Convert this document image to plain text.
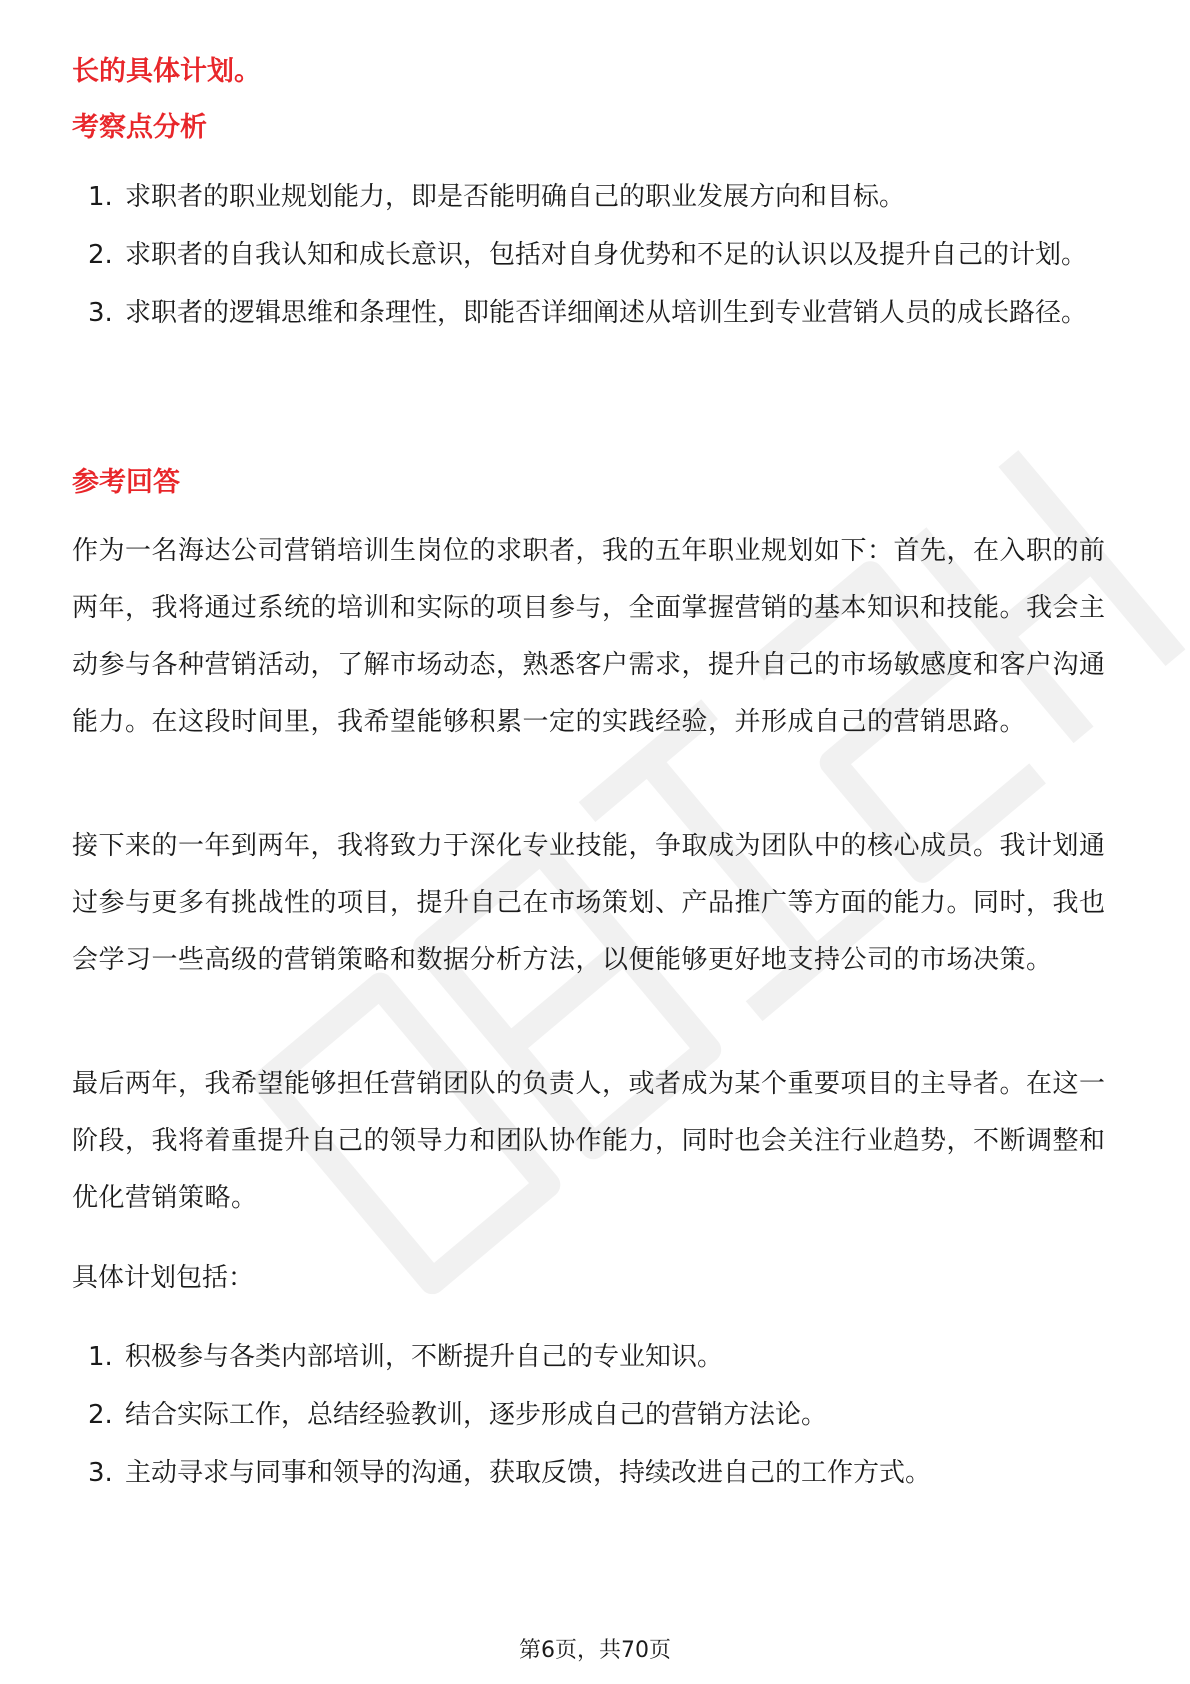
长的具体计划。
考察点分析
1. 求职者的职业规划能力，即是否能明确自己的职业发展方向和目标。
2. 求职者的自我认知和成长意识，包括对自身优势和不足的认识以及提升自己的计划。
3. 求职者的逻辑思维和条理性，即能否详细阐述从培训生到专业营销人员的成长路径。
参考回答

作为一名海达公司营销培训生岗位的求职者，我的五年职业规划如下：首先，在入职的前两年，我将通过系统的培训和实际的项目参与，全面掌握营销的基本知识和技能。我会主动参与各种营销活动，了解市场动态，熟悉客户需求，提升自己的市场敏感度和客户沟通能力。在这段时间里，我希望能够积累一定的实践经验，并形成自己的营销思路。

接下来的一年到两年，我将致力于深化专业技能，争取成为团队中的核心成员。我计划通过参与更多有挑战性的项目，提升自己在市场策划、产品推广等方面的能力。同时，我也会学习一些高级的营销策略和数据分析方法，以便能够更好地支持公司的市场决策。

最后两年，我希望能够担任营销团队的负责人，或者成为某个重要项目的主导者。在这一阶段，我将着重提升自己的领导力和团队协作能力，同时也会关注行业趋势，不断调整和优化营销策略。

具体计划包括：
1. 积极参与各类内部培训，不断提升自己的专业知识。
2. 结合实际工作，总结经验教训，逐步形成自己的营销方法论。
3. 主动寻求与同事和领导的沟通，获取反馈，持续改进自己的工作方式。
第6页，共70页
